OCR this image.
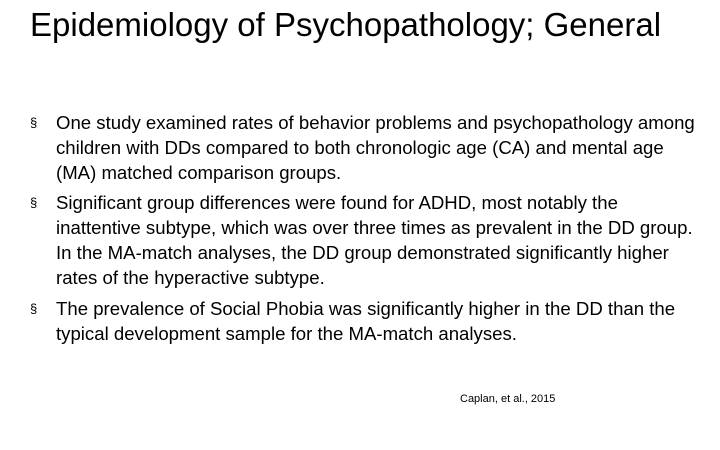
Epidemiology of Psychopathology; General
§ One study examined rates of behavior problems and psychopathology among children with DDs compared to both chronologic age (CA) and mental age (MA) matched comparison groups.
§ Significant group differences were found for ADHD, most notably the inattentive subtype, which was over three times as prevalent in the DD group. In the MA-match analyses, the DD group demonstrated significantly higher rates of the hyperactive subtype.
§ The prevalence of Social Phobia was significantly higher in the DD than the typical development sample for the MA-match analyses.
Caplan, et al., 2015
